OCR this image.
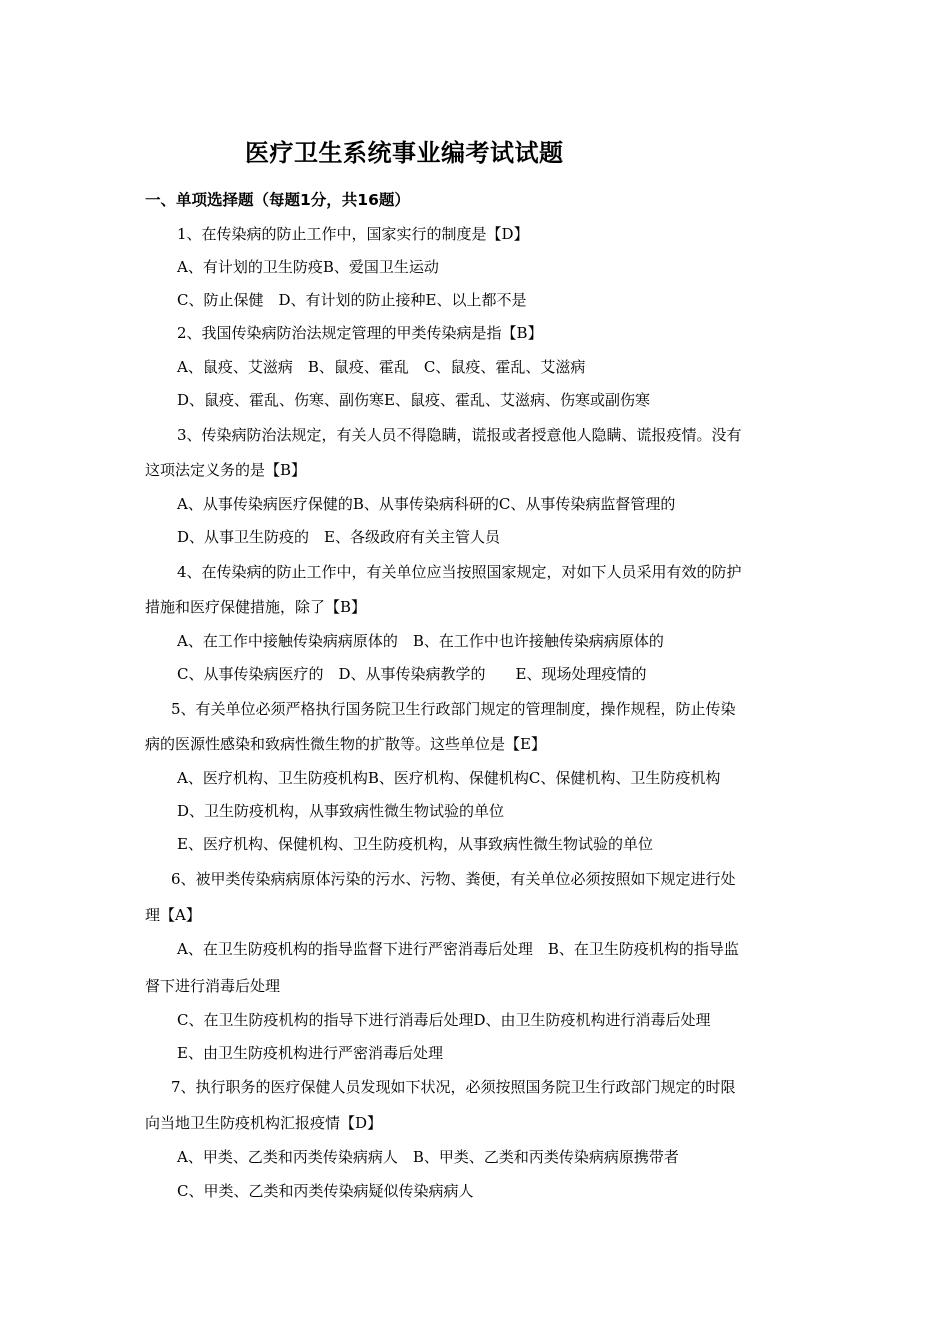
医疗卫生系统事业编考试试题
一、单项选择题（每题1分，共16题）
1、在传染病的防止工作中，国家实行的制度是【D】
A、有计划的卫生防疫B、爱国卫生运动
C、防止保健　D、有计划的防止接种E、以上都不是
2、我国传染病防治法规定管理的甲类传染病是指【B】
A、鼠疫、艾滋病　B、鼠疫、霍乱　C、鼠疫、霍乱、艾滋病
D、鼠疫、霍乱、伤寒、副伤寒E、鼠疫、霍乱、艾滋病、伤寒或副伤寒
3、传染病防治法规定，有关人员不得隐瞒，谎报或者授意他人隐瞒、谎报疫情。没有
这项法定义务的是【B】
A、从事传染病医疗保健的B、从事传染病科研的C、从事传染病监督管理的
D、从事卫生防疫的　E、各级政府有关主管人员
4、在传染病的防止工作中，有关单位应当按照国家规定，对如下人员采用有效的防护
措施和医疗保健措施，除了【B】
A、在工作中接触传染病病原体的　B、在工作中也许接触传染病病原体的
C、从事传染病医疗的　D、从事传染病教学的　　E、现场处理疫情的
5、有关单位必须严格执行国务院卫生行政部门规定的管理制度，操作规程，防止传染
病的医源性感染和致病性微生物的扩散等。这些单位是【E】
A、医疗机构、卫生防疫机构B、医疗机构、保健机构C、保健机构、卫生防疫机构
D、卫生防疫机构，从事致病性微生物试验的单位
E、医疗机构、保健机构、卫生防疫机构，从事致病性微生物试验的单位
6、被甲类传染病病原体污染的污水、污物、粪便，有关单位必须按照如下规定进行处
理【A】
A、在卫生防疫机构的指导监督下进行严密消毒后处理　B、在卫生防疫机构的指导监
督下进行消毒后处理
C、在卫生防疫机构的指导下进行消毒后处理D、由卫生防疫机构进行消毒后处理
E、由卫生防疫机构进行严密消毒后处理
7、执行职务的医疗保健人员发现如下状况，必须按照国务院卫生行政部门规定的时限
向当地卫生防疫机构汇报疫情【D】
A、甲类、乙类和丙类传染病病人　B、甲类、乙类和丙类传染病病原携带者
C、甲类、乙类和丙类传染病疑似传染病病人
